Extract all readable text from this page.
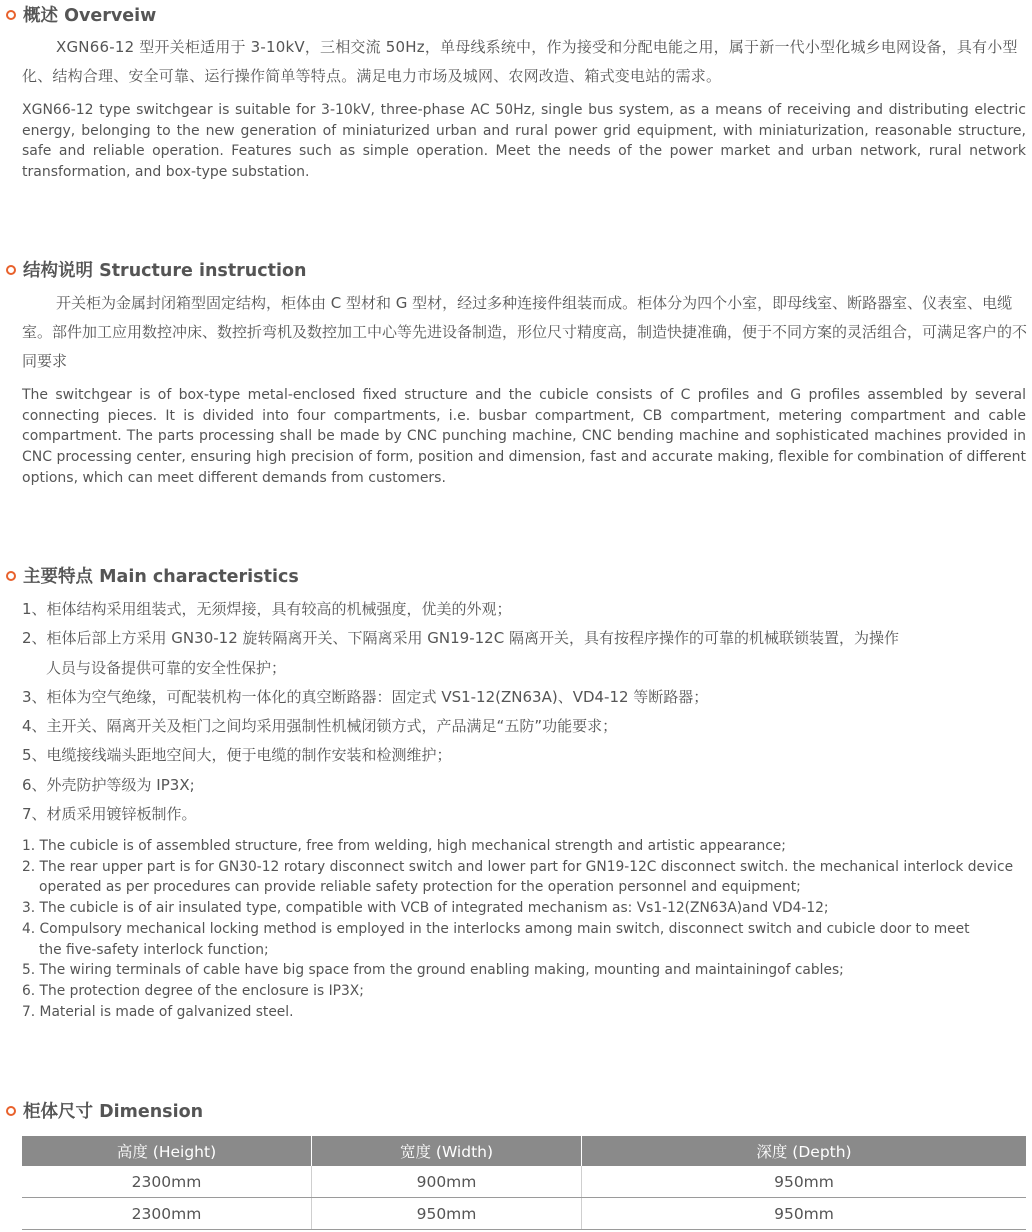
概述 Overveiw
XGN66-12 型开关柜适用于 3-10kV，三相交流 50Hz，单母线系统中，作为接受和分配电能之用，属于新一代小型化城乡电网设备，具有小型化、结构合理、安全可靠、运行操作简单等特点。满足电力市场及城网、农网改造、箱式变电站的需求。
XGN66-12 type switchgear is suitable for 3-10kV, three-phase AC 50Hz, single bus system, as a means of receiving and distributing electric energy, belonging to the new generation of miniaturized urban and rural power grid equipment, with miniaturization, reasonable structure, safe and reliable operation. Features such as simple operation. Meet the needs of the power market and urban network, rural network transformation, and box-type substation.
结构说明 Structure instruction
开关柜为金属封闭箱型固定结构，柜体由 C 型材和 G 型材，经过多种连接件组装而成。柜体分为四个小室，即母线室、断路器室、仪表室、电缆室。部件加工应用数控冲床、数控折弯机及数控加工中心等先进设备制造，形位尺寸精度高，制造快捷准确，便于不同方案的灵活组合，可满足客户的不同要求
The switchgear is of box-type metal-enclosed fixed structure and the cubicle consists of C profiles and G profiles assembled by several connecting pieces. It is divided into four compartments, i.e. busbar compartment, CB compartment, metering compartment and cable compartment. The parts processing shall be made by CNC punching machine, CNC bending machine and sophisticated machines provided in CNC processing center, ensuring high precision of form, position and dimension, fast and accurate making, flexible for combination of different options, which can meet different demands from customers.
主要特点 Main characteristics
1、柜体结构采用组装式，无须焊接，具有较高的机械强度，优美的外观；
2、柜体后部上方采用 GN30-12 旋转隔离开关、下隔离采用 GN19-12C 隔离开关，具有按程序操作的可靠的机械联锁装置，为操作
人员与设备提供可靠的安全性保护；
3、柜体为空气绝缘，可配装机构一体化的真空断路器：固定式 VS1-12(ZN63A)、VD4-12 等断路器；
4、主开关、隔离开关及柜门之间均采用强制性机械闭锁方式，产品满足“五防”功能要求；
5、电缆接线端头距地空间大，便于电缆的制作安装和检测维护；
6、外壳防护等级为 IP3X;
7、材质采用镀锌板制作。
1. The cubicle is of assembled structure, free from welding, high mechanical strength and artistic appearance;
2. The rear upper part is for GN30-12 rotary disconnect switch and lower part for GN19-12C disconnect switch. the mechanical interlock device
operated as per procedures can provide reliable safety protection for the operation personnel and equipment;
3. The cubicle is of air insulated type, compatible with VCB of integrated mechanism as: Vs1-12(ZN63A)and VD4-12;
4. Compulsory mechanical locking method is employed in the interlocks among main switch, disconnect switch and cubicle door to meet
the five-safety interlock function;
5. The wiring terminals of cable have big space from the ground enabling making, mounting and maintainingof cables;
6. The protection degree of the enclosure is IP3X;
7. Material is made of galvanized steel.
柜体尺寸 Dimension
高度 (Height)	宽度 (Width)	深度 (Depth)
2300mm	900mm	950mm
2300mm	950mm	950mm
